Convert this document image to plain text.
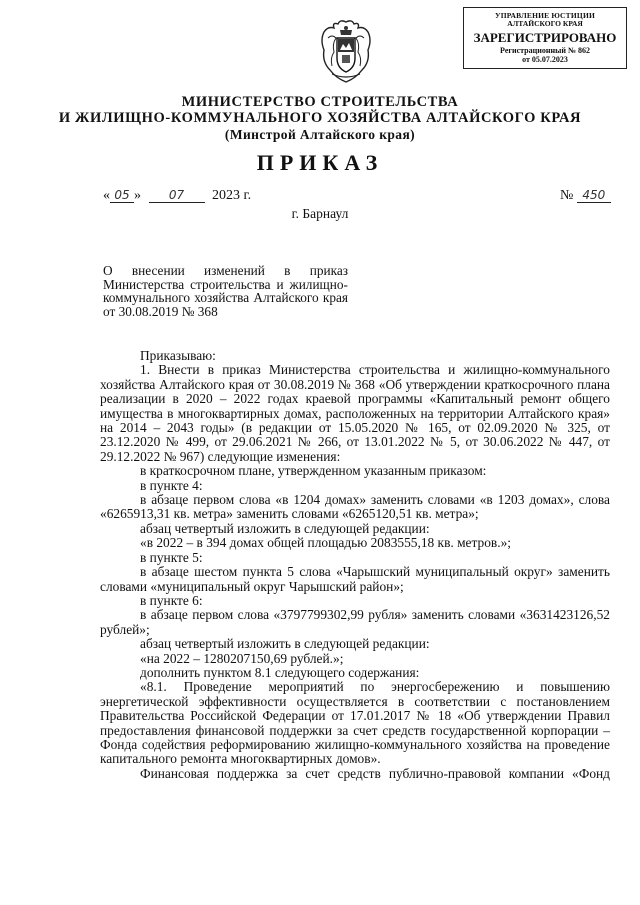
УПРАВЛЕНИЕ ЮСТИЦИИ
АЛТАЙСКОГО КРАЯ
ЗАРЕГИСТРИРОВАНО
Регистрационный № 862
от 05.07.2023
МИНИСТЕРСТВО СТРОИТЕЛЬСТВА
И ЖИЛИЩНО-КОММУНАЛЬНОГО ХОЗЯЙСТВА АЛТАЙСКОГО КРАЯ
(Минстрой Алтайского края)
ПРИКАЗ
« 05 » 07 2023 г.	№ 450
г. Барнаул
О внесении изменений в приказ Министерства строительства и жилищно-коммунального хозяйства Алтайского края от 30.08.2019 № 368

Приказываю:

1. Внести в приказ Министерства строительства и жилищно-коммунального хозяйства Алтайского края от 30.08.2019 № 368 «Об утверждении краткосрочного плана реализации в 2020 – 2022 годах краевой программы «Капитальный ремонт общего имущества в многоквартирных домах, расположенных на территории Алтайского края» на 2014 – 2043 годы» (в редакции от 15.05.2020 № 165, от 02.09.2020 № 325, от 23.12.2020 № 499, от 29.06.2021 № 266, от 13.01.2022 № 5, от 30.06.2022 № 447, от 29.12.2022 № 967) следующие изменения:

в краткосрочном плане, утвержденном указанным приказом:

в пункте 4:

в абзаце первом слова «в 1204 домах» заменить словами «в 1203 домах», слова «6265913,31 кв. метра» заменить словами «6265120,51 кв. метра»;

абзац четвертый изложить в следующей редакции:

«в 2022 – в 394 домах общей площадью 2083555,18 кв. метров.»;

в пункте 5:

в абзаце шестом пункта 5 слова «Чарышский муниципальный округ» заменить словами «муниципальный округ Чарышский район»;

в пункте 6:

в абзаце первом слова «3797799302,99 рубля» заменить словами «3631423126,52 рублей»;

абзац четвертый изложить в следующей редакции:

«на 2022 – 1280207150,69 рублей.»;

дополнить пунктом 8.1 следующего содержания:

«8.1. Проведение мероприятий по энергосбережению и повышению энергетической эффективности осуществляется в соответствии с постановлением Правительства Российской Федерации от 17.01.2017 № 18 «Об утверждении Правил предоставления финансовой поддержки за счет средств государственной корпорации – Фонда содействия реформированию жилищно-коммунального хозяйства на проведение капитального ремонта многоквартирных домов».

Финансовая поддержка за счет средств публично-правовой компании «Фонд
